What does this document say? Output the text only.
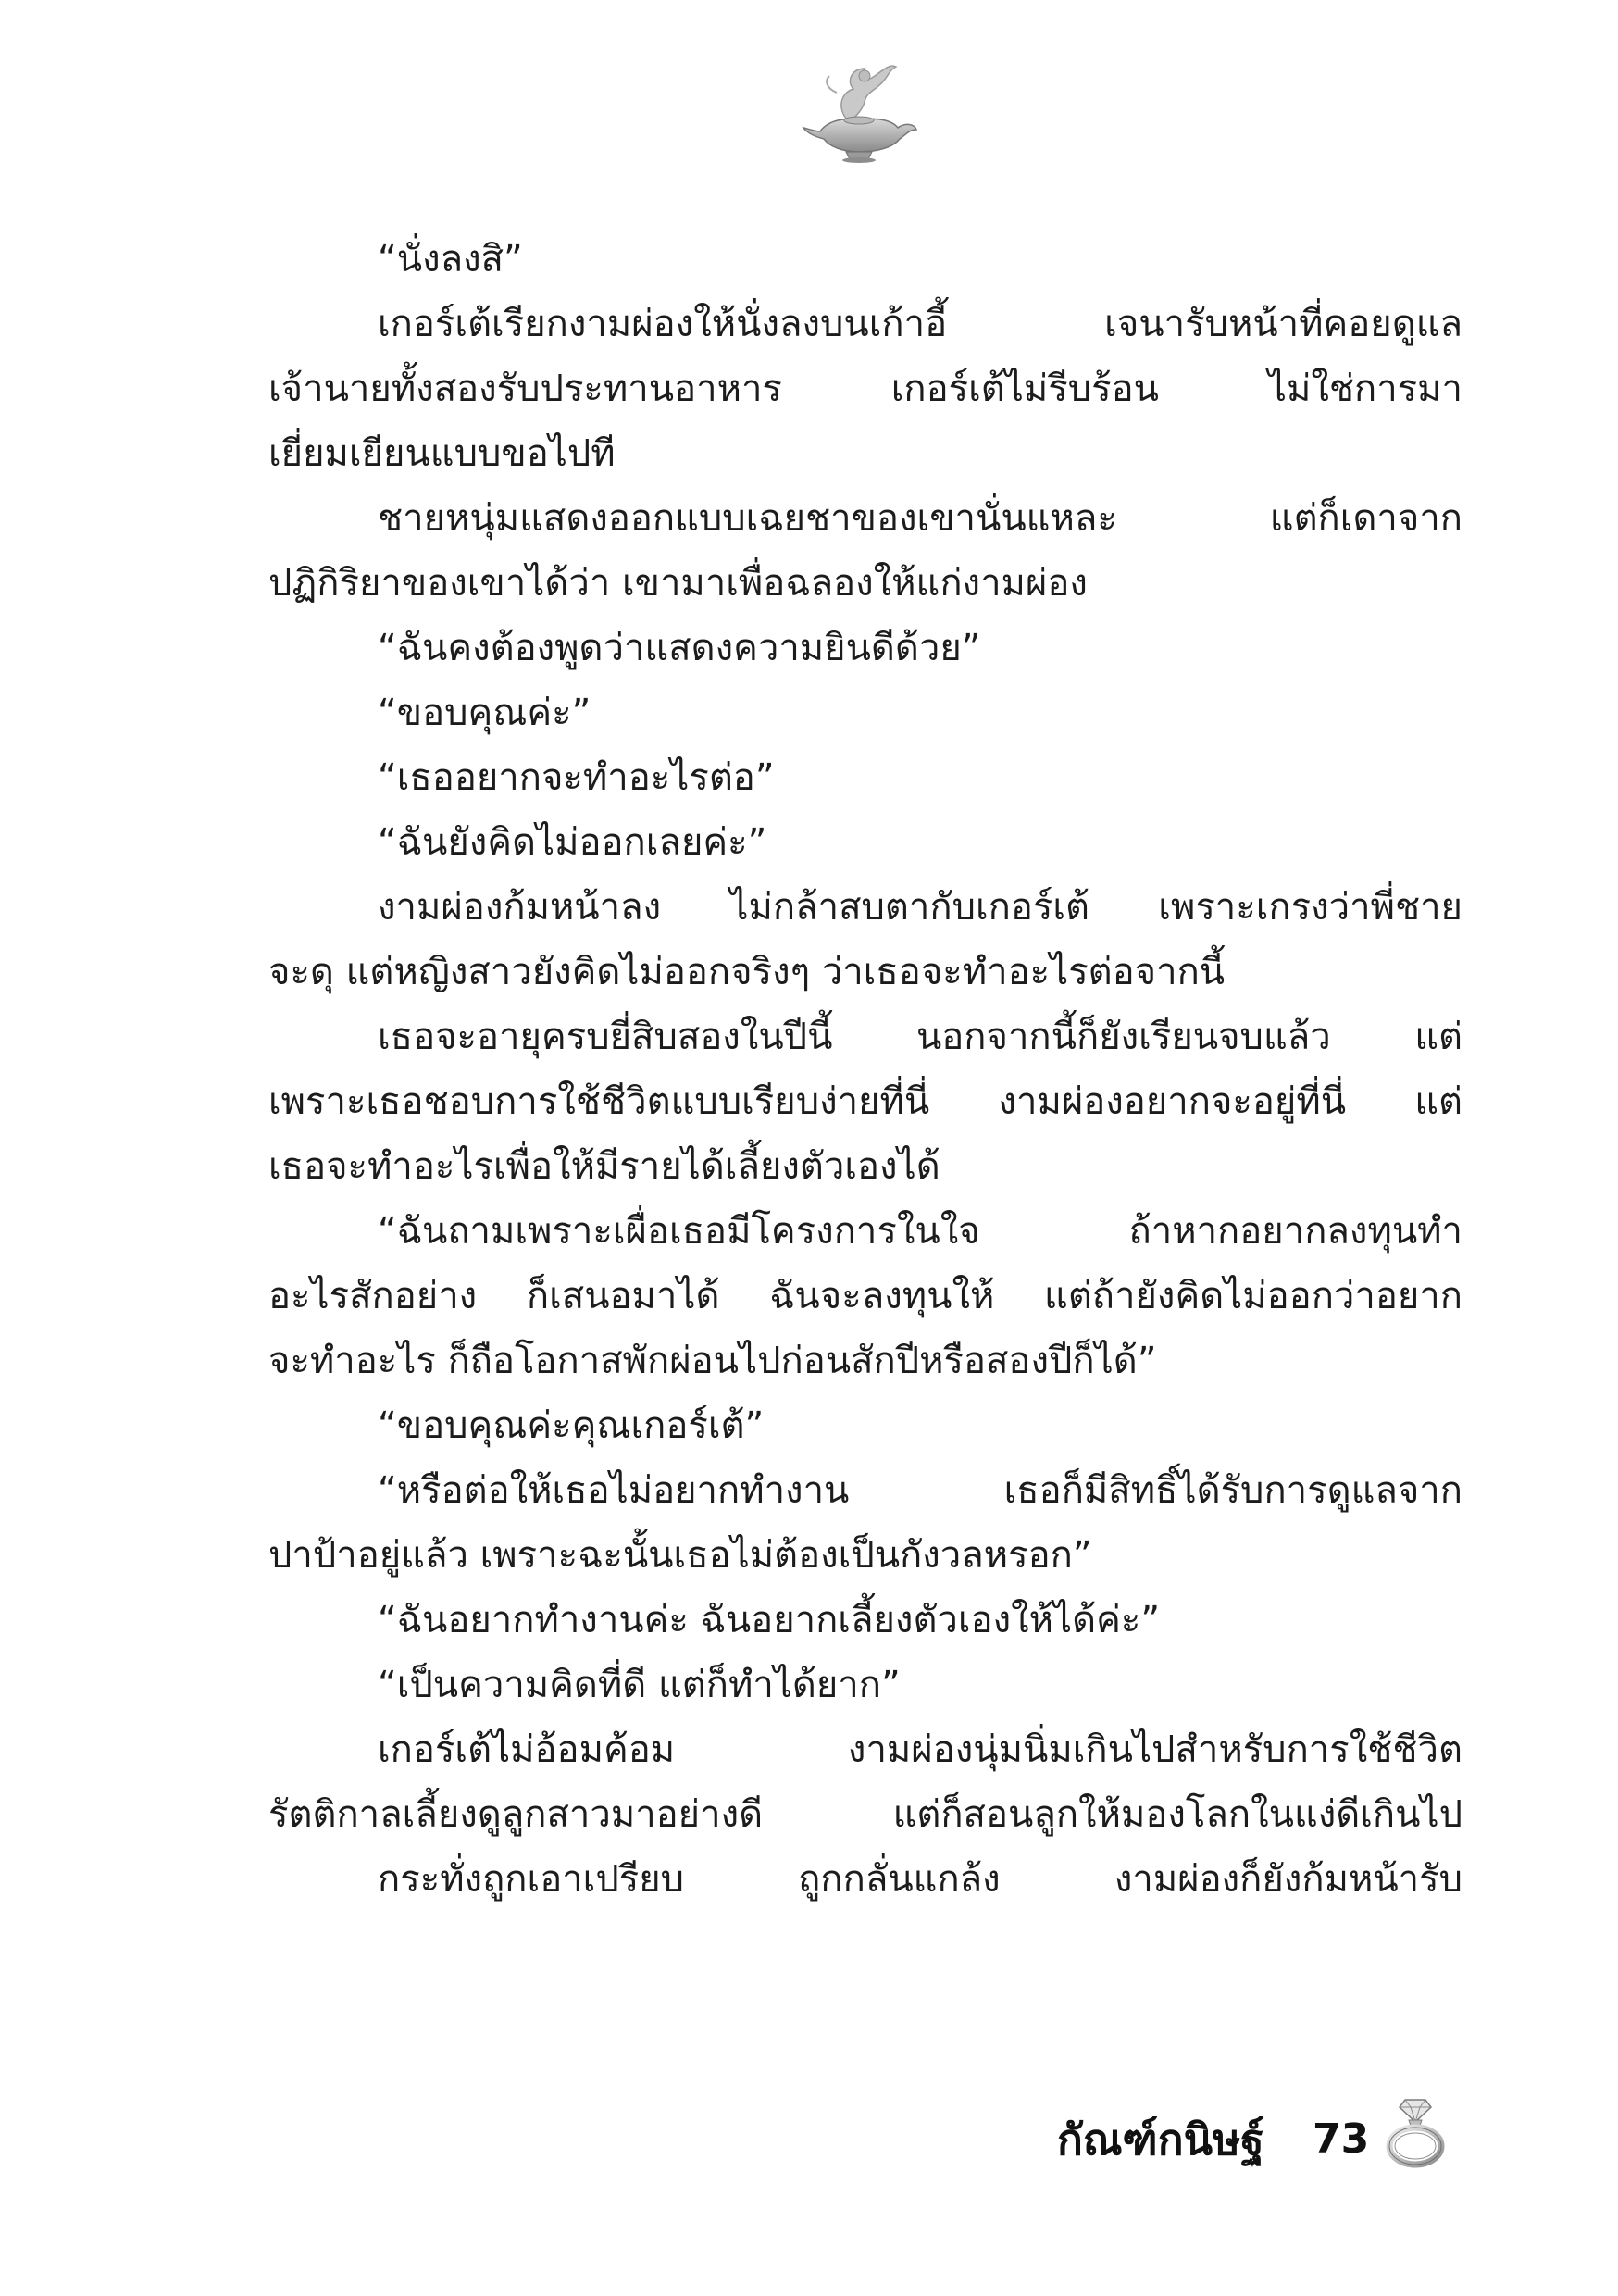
“นั่งลงสิ”
เกอร์เต้เรียกงามผ่องให้นั่งลงบนเก้าอี้ เจนารับหน้าที่คอยดูแล
เจ้านายทั้งสองรับประทานอาหาร เกอร์เต้ไม่รีบร้อน ไม่ใช่การมา
เยี่ยมเยียนแบบขอไปที
ชายหนุ่มแสดงออกแบบเฉยชาของเขานั่นแหละ แต่ก็เดาจาก
ปฏิกิริยาของเขาได้ว่า เขามาเพื่อฉลองให้แก่งามผ่อง
“ฉันคงต้องพูดว่าแสดงความยินดีด้วย”
“ขอบคุณค่ะ”
“เธออยากจะทำอะไรต่อ”
“ฉันยังคิดไม่ออกเลยค่ะ”
งามผ่องก้มหน้าลง ไม่กล้าสบตากับเกอร์เต้ เพราะเกรงว่าพี่ชาย
จะดุ แต่หญิงสาวยังคิดไม่ออกจริงๆ ว่าเธอจะทำอะไรต่อจากนี้
เธอจะอายุครบยี่สิบสองในปีนี้ นอกจากนี้ก็ยังเรียนจบแล้ว แต่
เพราะเธอชอบการใช้ชีวิตแบบเรียบง่ายที่นี่ งามผ่องอยากจะอยู่ที่นี่ แต่
เธอจะทำอะไรเพื่อให้มีรายได้เลี้ยงตัวเองได้
“ฉันถามเพราะเผื่อเธอมีโครงการในใจ ถ้าหากอยากลงทุนทำ
อะไรสักอย่าง ก็เสนอมาได้ ฉันจะลงทุนให้ แต่ถ้ายังคิดไม่ออกว่าอยาก
จะทำอะไร ก็ถือโอกาสพักผ่อนไปก่อนสักปีหรือสองปีก็ได้”
“ขอบคุณค่ะคุณเกอร์เต้”
“หรือต่อให้เธอไม่อยากทำงาน เธอก็มีสิทธิ์ได้รับการดูแลจาก
ปาป้าอยู่แล้ว เพราะฉะนั้นเธอไม่ต้องเป็นกังวลหรอก”
“ฉันอยากทำงานค่ะ ฉันอยากเลี้ยงตัวเองให้ได้ค่ะ”
“เป็นความคิดที่ดี แต่ก็ทำได้ยาก”
เกอร์เต้ไม่อ้อมค้อม งามผ่องนุ่มนิ่มเกินไปสำหรับการใช้ชีวิต
รัตติกาลเลี้ยงดูลูกสาวมาอย่างดี แต่ก็สอนลูกให้มองโลกในแง่ดีเกินไป
กระทั่งถูกเอาเปรียบ ถูกกลั่นแกล้ง งามผ่องก็ยังก้มหน้ารับ
กัณฑ์กนิษฐ์ 73
